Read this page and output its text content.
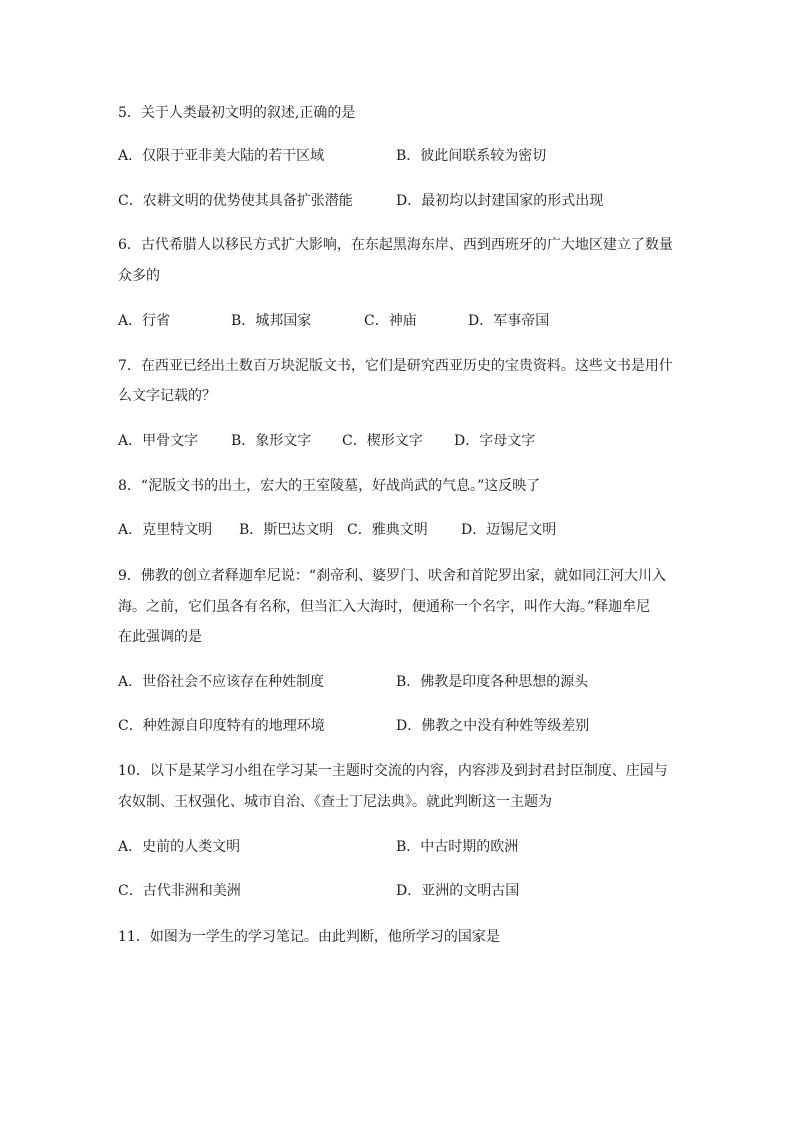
5．关于人类最初文明的叙述,正确的是
A．仅限于亚非美大陆的若干区域	B．彼此间联系较为密切
C．农耕文明的优势使其具备扩张潜能	D．最初均以封建国家的形式出现
6．古代希腊人以移民方式扩大影响，在东起黑海东岸、西到西班牙的广大地区建立了数量
众多的
A．行省	B．城邦国家	C．神庙	D．军事帝国
7．在西亚已经出土数百万块泥版文书，它们是研究西亚历史的宝贵资料。这些文书是用什
么文字记载的？
A．甲骨文字 B．象形文字 C．楔形文字 D．字母文字
8．“泥版文书的出土，宏大的王室陵墓，好战尚武的气息。”这反映了
A．克里特文明 B．斯巴达文明 C．雅典文明 D．迈锡尼文明
9．佛教的创立者释迦牟尼说：“刹帝利、婆罗门、吠舍和首陀罗出家，就如同江河大川入
海。之前，它们虽各有名称，但当汇入大海时，便通称一个名字，叫作大海。”释迦牟尼
在此强调的是
A．世俗社会不应该存在种姓制度	B．佛教是印度各种思想的源头
C．种姓源自印度特有的地理环境	D．佛教之中没有种姓等级差别
10．以下是某学习小组在学习某一主题时交流的内容，内容涉及到封君封臣制度、庄园与
农奴制、王权强化、城市自治、《查士丁尼法典》。就此判断这一主题为
A．史前的人类文明	B．中古时期的欧洲
C．古代非洲和美洲	D．亚洲的文明古国
11．如图为一学生的学习笔记。由此判断，他所学习的国家是
